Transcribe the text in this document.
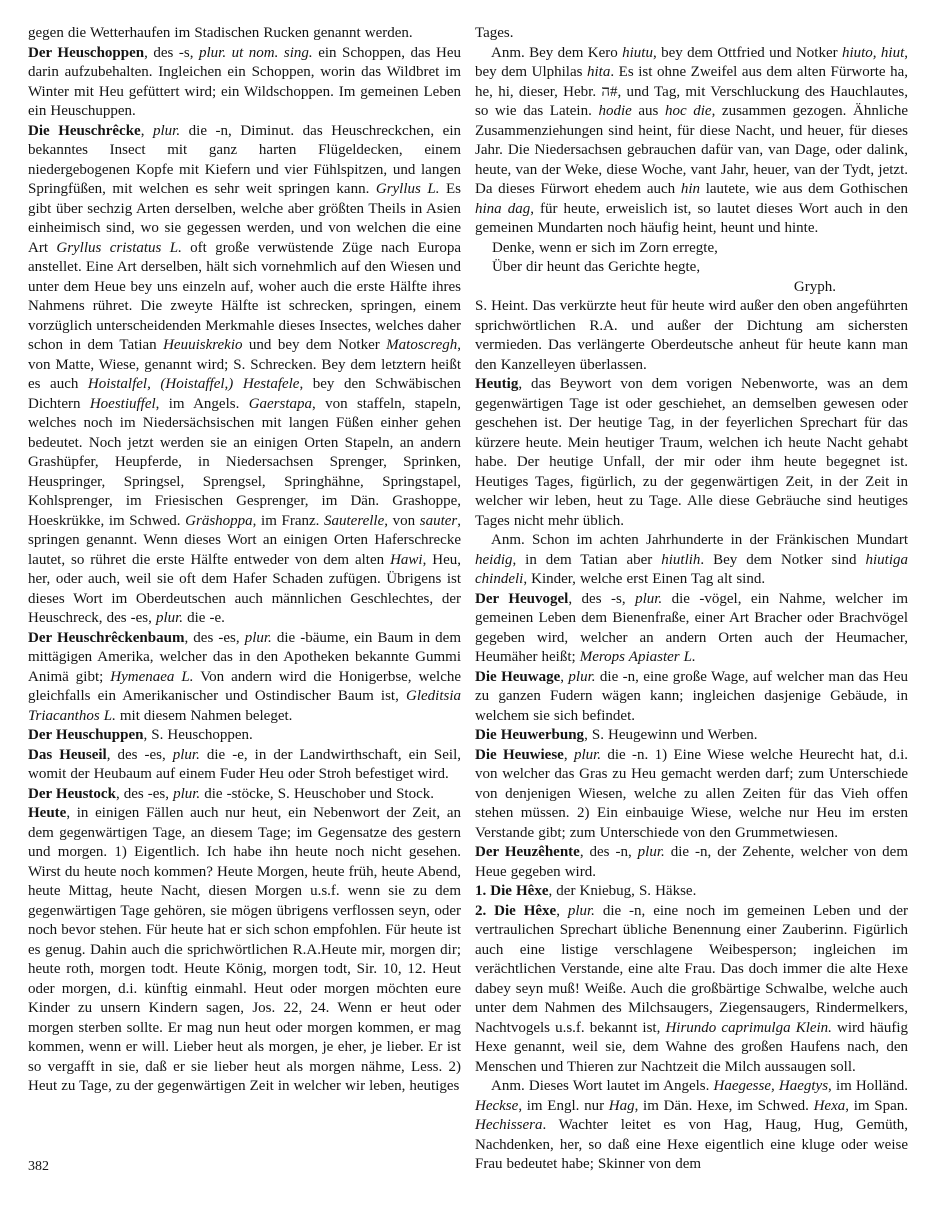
gegen die Wetterhaufen im Stadischen Rucken genannt werden.

Der Heuschoppen, des -s, plur. ut nom. sing. ein Schoppen, das Heu darin aufzubehalten. Ingleichen ein Schoppen, worin das Wildbret im Winter mit Heu gefüttert wird; ein Wildschoppen. Im gemeinen Leben ein Heuschuppen.

Die Heuschrêcke, plur. die -n, Diminut. das Heuschreckchen, ein bekanntes Insect mit ganz harten Flügeldecken, einem niedergebogenen Kopfe mit Kiefern und vier Fühlspitzen, und langen Springfüßen, mit welchen es sehr weit springen kann. Gryllus L. Es gibt über sechzig Arten derselben, welche aber größten Theils in Asien einheimisch sind, wo sie gegessen werden, und von welchen die eine Art Gryllus cristatus L. oft große verwüstende Züge nach Europa anstellet. Eine Art derselben, hält sich vornehmlich auf den Wiesen und unter dem Heue bey uns einzeln auf, woher auch die erste Hälfte ihres Nahmens rühret. Die zweyte Hälfte ist schrecken, springen, einem vorzüglich unterscheidenden Merkmahle dieses Insectes, welches daher schon in dem Tatian Heuuiskrekio und bey dem Notker Matoscregh, von Matte, Wiese, genannt wird; S. Schrecken. Bey dem letztern heißt es auch Hoistalfel, (Hoistaffel,) Hestafele, bey den Schwäbischen Dichtern Hoestiuffel, im Angels. Gaerstapa, von staffeln, stapeln, welches noch im Niedersächsischen mit langen Füßen einher gehen bedeutet. Noch jetzt werden sie an einigen Orten Stapeln, an andern Grashüpfer, Heupferde, in Niedersachsen Sprenger, Sprinken, Heuspringer, Springsel, Sprengsel, Springhähne, Springstapel, Kohlsprenger, im Friesischen Gesprenger, im Dän. Grashoppe, Hoeskrükke, im Schwed. Gräshoppa, im Franz. Sauterelle, von sauter, springen genannt. Wenn dieses Wort an einigen Orten Haferschrecke lautet, so rühret die erste Hälfte entweder von dem alten Hawi, Heu, her, oder auch, weil sie oft dem Hafer Schaden zufügen. Übrigens ist dieses Wort im Oberdeutschen auch männlichen Geschlechtes, der Heuschreck, des -es, plur. die -e.

Der Heuschrêckenbaum, des -es, plur. die -bäume, ein Baum in dem mittägigen Amerika, welcher das in den Apotheken bekannte Gummi Animä gibt; Hymenaea L. Von andern wird die Honigerbse, welche gleichfalls ein Amerikanischer und Ostindischer Baum ist, Gleditsia Triacanthos L. mit diesem Nahmen beleget.

Der Heuschuppen, S. Heuschoppen.

Das Heuseil, des -es, plur. die -e, in der Landwirthschaft, ein Seil, womit der Heubaum auf einem Fuder Heu oder Stroh befestiget wird.

Der Heustock, des -es, plur. die -stöcke, S. Heuschober und Stock.

Heute, in einigen Fällen auch nur heut, ein Nebenwort der Zeit, an dem gegenwärtigen Tage, an diesem Tage; im Gegensatze des gestern und morgen. 1) Eigentlich. Ich habe ihn heute noch nicht gesehen. Wirst du heute noch kommen? Heute Morgen, heute früh, heute Abend, heute Mittag, heute Nacht, diesen Morgen u.s.f. wenn sie zu dem gegenwärtigen Tage gehören, sie mögen übrigens verflossen seyn, oder noch bevor stehen. Für heute hat er sich schon empfohlen. Für heute ist es genug. Dahin auch die sprichwörtlichen R.A.Heute mir, morgen dir; heute roth, morgen todt. Heute König, morgen todt, Sir. 10, 12. Heut oder morgen, d.i. künftig einmahl. Heut oder morgen möchten eure Kinder zu unsern Kindern sagen, Jos. 22, 24. Wenn er heut oder morgen sterben sollte. Er mag nun heut oder morgen kommen, er mag kommen, wenn er will. Lieber heut als morgen, je eher, je lieber. Er ist so vergafft in sie, daß er sie lieber heut als morgen nähme, Less. 2) Heut zu Tage, zu der gegenwärtigen Zeit in welcher wir leben, heutiges

Tages.

Anm. Bey dem Kero hiutu, bey dem Ottfried und Notker hiuto, hiut, bey dem Ulphilas hita. Es ist ohne Zweifel aus dem alten Fürworte ha, he, hi, dieser, Hebr. ה#, und Tag, mit Verschluckung des Hauchlautes, so wie das Latein. hodie aus hoc die, zusammen gezogen. Ähnliche Zusammenziehungen sind heint, für diese Nacht, und heuer, für dieses Jahr. Die Niedersachsen gebrauchen dafür van, van Dage, oder dalink, heute, van der Weke, diese Woche, vant Jahr, heuer, van der Tydt, jetzt. Da dieses Fürwort ehedem auch hin lautete, wie aus dem Gothischen hina dag, für heute, erweislich ist, so lautet dieses Wort auch in den gemeinen Mundarten noch häufig heint, heunt und hinte.

Denke, wenn er sich im Zorn erregte,

Über dir heunt das Gerichte hegte,

Gryph.

S. Heint. Das verkürzte heut für heute wird außer den oben angeführten sprichwörtlichen R.A. und außer der Dichtung am sichersten vermieden. Das verlängerte Oberdeutsche anheut für heute kann man den Kanzelleyen überlassen.

Heutig, das Beywort von dem vorigen Nebenworte, was an dem gegenwärtigen Tage ist oder geschiehet, an demselben gewesen oder geschehen ist. Der heutige Tag, in der feyerlichen Sprechart für das kürzere heute. Mein heutiger Traum, welchen ich heute Nacht gehabt habe. Der heutige Unfall, der mir oder ihm heute begegnet ist. Heutiges Tages, figürlich, zu der gegenwärtigen Zeit, in der Zeit in welcher wir leben, heut zu Tage. Alle diese Gebräuche sind heutiges Tages nicht mehr üblich.

Anm. Schon im achten Jahrhunderte in der Fränkischen Mundart heidig, in dem Tatian aber hiutlih. Bey dem Notker sind hiutiga chindeli, Kinder, welche erst Einen Tag alt sind.

Der Heuvogel, des -s, plur. die -vögel, ein Nahme, welcher im gemeinen Leben dem Bienenfraße, einer Art Bracher oder Brachvögel gegeben wird, welcher an andern Orten auch der Heumacher, Heumäher heißt; Merops Apiaster L.

Die Heuwage, plur. die -n, eine große Wage, auf welcher man das Heu zu ganzen Fudern wägen kann; ingleichen dasjenige Gebäude, in welchem sie sich befindet.

Die Heuwerbung, S. Heugewinn und Werben.

Die Heuwiese, plur. die -n. 1) Eine Wiese welche Heurecht hat, d.i. von welcher das Gras zu Heu gemacht werden darf; zum Unterschiede von denjenigen Wiesen, welche zu allen Zeiten für das Vieh offen stehen müssen. 2) Ein einbauige Wiese, welche nur Heu im ersten Verstande gibt; zum Unterschiede von den Grummetwiesen.

Der Heuzêhente, des -n, plur. die -n, der Zehente, welcher von dem Heue gegeben wird.

1. Die Hêxe, der Kniebug, S. Häkse.

2. Die Hêxe, plur. die -n, eine noch im gemeinen Leben und der vertraulichen Sprechart übliche Benennung einer Zauberinn. Figürlich auch eine listige verschlagene Weibesperson; ingleichen im verächtlichen Verstande, eine alte Frau. Das doch immer die alte Hexe dabey seyn muß! Weiße. Auch die großbärtige Schwalbe, welche auch unter dem Nahmen des Milchsaugers, Ziegensaugers, Rindermelkers, Nachtvogels u.s.f. bekannt ist, Hirundo caprimulga Klein. wird häufig Hexe genannt, weil sie, dem Wahne des großen Haufens nach, den Menschen und Thieren zur Nachtzeit die Milch aussaugen soll.

Anm. Dieses Wort lautet im Angels. Haegesse, Haegtys, im Holländ. Heckse, im Engl. nur Hag, im Dän. Hexe, im Schwed. Hexa, im Span. Hechissera. Wachter leitet es von Hag, Haug, Hug, Gemüth, Nachdenken, her, so daß eine Hexe eigentlich eine kluge oder weise Frau bedeutet habe; Skinner von dem

382
